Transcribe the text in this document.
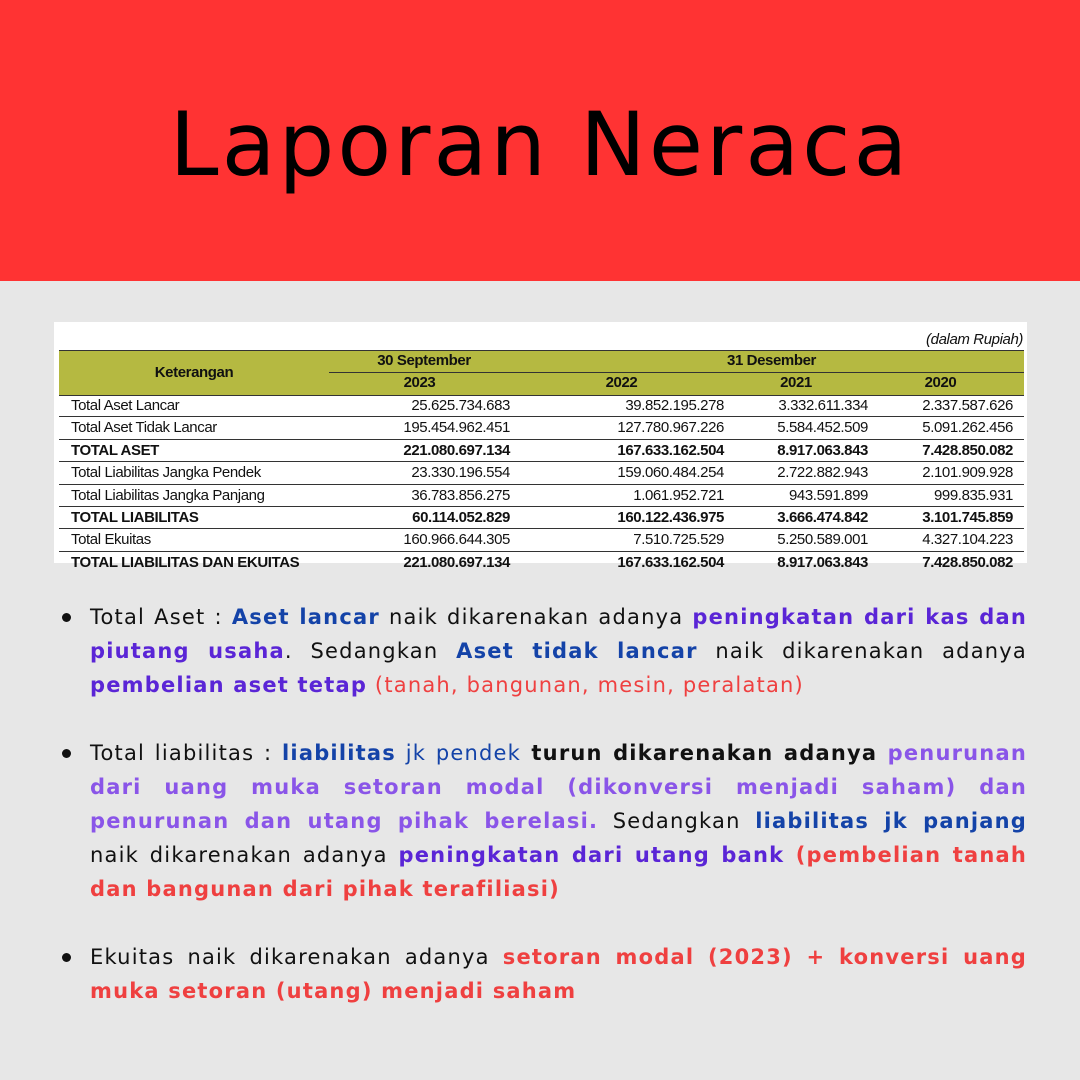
Laporan Neraca
(dalam Rupiah)
Keterangan
30 September	31 Desember
2023	2022	2021	2020
Total Aset Lancar	25.625.734.683	39.852.195.278	3.332.611.334	2.337.587.626
Total Aset Tidak Lancar	195.454.962.451	127.780.967.226	5.584.452.509	5.091.262.456
TOTAL ASET	221.080.697.134	167.633.162.504	8.917.063.843	7.428.850.082
Total Liabilitas Jangka Pendek	23.330.196.554	159.060.484.254	2.722.882.943	2.101.909.928
Total Liabilitas Jangka Panjang	36.783.856.275	1.061.952.721	943.591.899	999.835.931
TOTAL LIABILITAS	60.114.052.829	160.122.436.975	3.666.474.842	3.101.745.859
Total Ekuitas	160.966.644.305	7.510.725.529	5.250.589.001	4.327.104.223
TOTAL LIABILITAS DAN EKUITAS	221.080.697.134	167.633.162.504	8.917.063.843	7.428.850.082
Total Aset : Aset lancar naik dikarenakan adanya peningkatan dari kas dan piutang usaha. Sedangkan Aset tidak lancar naik dikarenakan adanya pembelian aset tetap (tanah, bangunan, mesin, peralatan)
Total liabilitas : liabilitas jk pendek turun dikarenakan adanya penurunan dari uang muka setoran modal (dikonversi menjadi saham) dan penurunan dan utang pihak berelasi. Sedangkan liabilitas jk panjang naik dikarenakan adanya peningkatan dari utang bank (pembelian tanah dan bangunan dari pihak terafiliasi)
Ekuitas naik dikarenakan adanya setoran modal (2023) + konversi uang muka setoran (utang) menjadi saham
